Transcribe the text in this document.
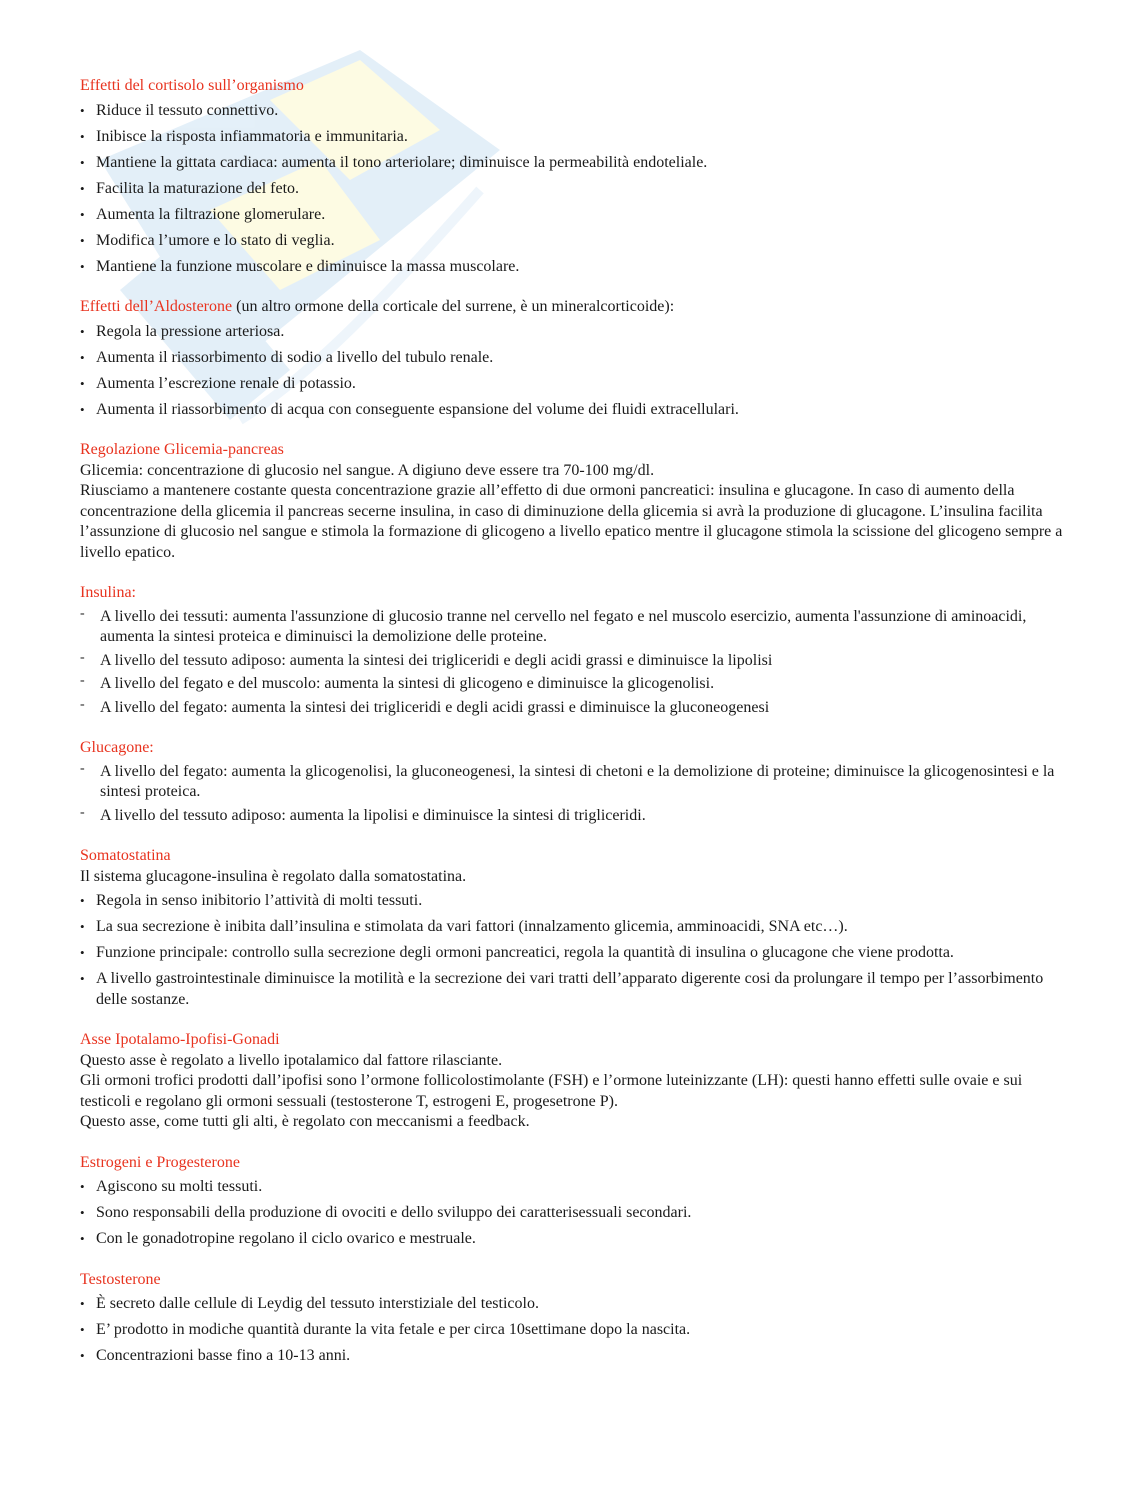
Effetti del cortisolo sull’organismo

• Riduce il tessuto connettivo.
• Inibisce la risposta infiammatoria e immunitaria.
• Mantiene la gittata cardiaca: aumenta il tono arteriolare; diminuisce la permeabilità endoteliale.
• Facilita la maturazione del feto.
• Aumenta la filtrazione glomerulare.
• Modifica l’umore e lo stato di veglia.
• Mantiene la funzione muscolare e diminuisce la massa muscolare.

Effetti dell’Aldosterone (un altro ormone della corticale del surrene, è un mineralcorticoide):

• Regola la pressione arteriosa.
• Aumenta il riassorbimento di sodio a livello del tubulo renale.
• Aumenta l’escrezione renale di potassio.
• Aumenta il riassorbimento di acqua con conseguente espansione del volume dei fluidi extracellulari.

Regolazione Glicemia-pancreas

Glicemia: concentrazione di glucosio nel sangue. A digiuno deve essere tra 70-100 mg/dl.

Riusciamo a mantenere costante questa concentrazione grazie all’effetto di due ormoni pancreatici: insulina e glucagone. In caso di aumento della concentrazione della glicemia il pancreas secerne insulina, in caso di diminuzione della glicemia si avrà la produzione di glucagone. L’insulina facilita l’assunzione di glucosio nel sangue e stimola la formazione di glicogeno a livello epatico mentre il glucagone stimola la scissione del glicogeno sempre a livello epatico.

Insulina:

- A livello dei tessuti: aumenta l'assunzione di glucosio tranne nel cervello nel fegato e nel muscolo esercizio, aumenta l'assunzione di aminoacidi, aumenta la sintesi proteica e diminuisci la demolizione delle proteine.
- A livello del tessuto adiposo: aumenta la sintesi dei trigliceridi e degli acidi grassi e diminuisce la lipolisi
- A livello del fegato e del muscolo: aumenta la sintesi di glicogeno e diminuisce la glicogenolisi.
- A livello del fegato: aumenta la sintesi dei trigliceridi e degli acidi grassi e diminuisce la gluconeogenesi

Glucagone:

- A livello del fegato: aumenta la glicogenolisi, la gluconeogenesi, la sintesi di chetoni e la demolizione di proteine; diminuisce la glicogenosintesi e la sintesi proteica.
- A livello del tessuto adiposo: aumenta la lipolisi e diminuisce la sintesi di trigliceridi.

Somatostatina

Il sistema glucagone-insulina è regolato dalla somatostatina.

• Regola in senso inibitorio l’attività di molti tessuti.
• La sua secrezione è inibita dall’insulina e stimolata da vari fattori (innalzamento glicemia, amminoacidi, SNA etc…).
• Funzione principale: controllo sulla secrezione degli ormoni pancreatici, regola la quantità di insulina o glucagone che viene prodotta.
• A livello gastrointestinale diminuisce la motilità e la secrezione dei vari tratti dell’apparato digerente cosi da prolungare il tempo per l’assorbimento delle sostanze.

Asse Ipotalamo-Ipofisi-Gonadi

Questo asse è regolato a livello ipotalamico dal fattore rilasciante.

Gli ormoni trofici prodotti dall’ipofisi sono l’ormone follicolostimolante (FSH) e l’ormone luteinizzante (LH): questi hanno effetti sulle ovaie e sui testicoli e regolano gli ormoni sessuali (testosterone T, estrogeni E, progesetrone P).

Questo asse, come tutti gli alti, è regolato con meccanismi a feedback.

Estrogeni e Progesterone

• Agiscono su molti tessuti.
• Sono responsabili della produzione di ovociti e dello sviluppo dei caratterisessuali secondari.
• Con le gonadotropine regolano il ciclo ovarico e mestruale.

Testosterone

• È secreto dalle cellule di Leydig del tessuto interstiziale del testicolo.
• E’ prodotto in modiche quantità durante la vita fetale e per circa 10settimane dopo la nascita.
• Concentrazioni basse fino a 10-13 anni.
